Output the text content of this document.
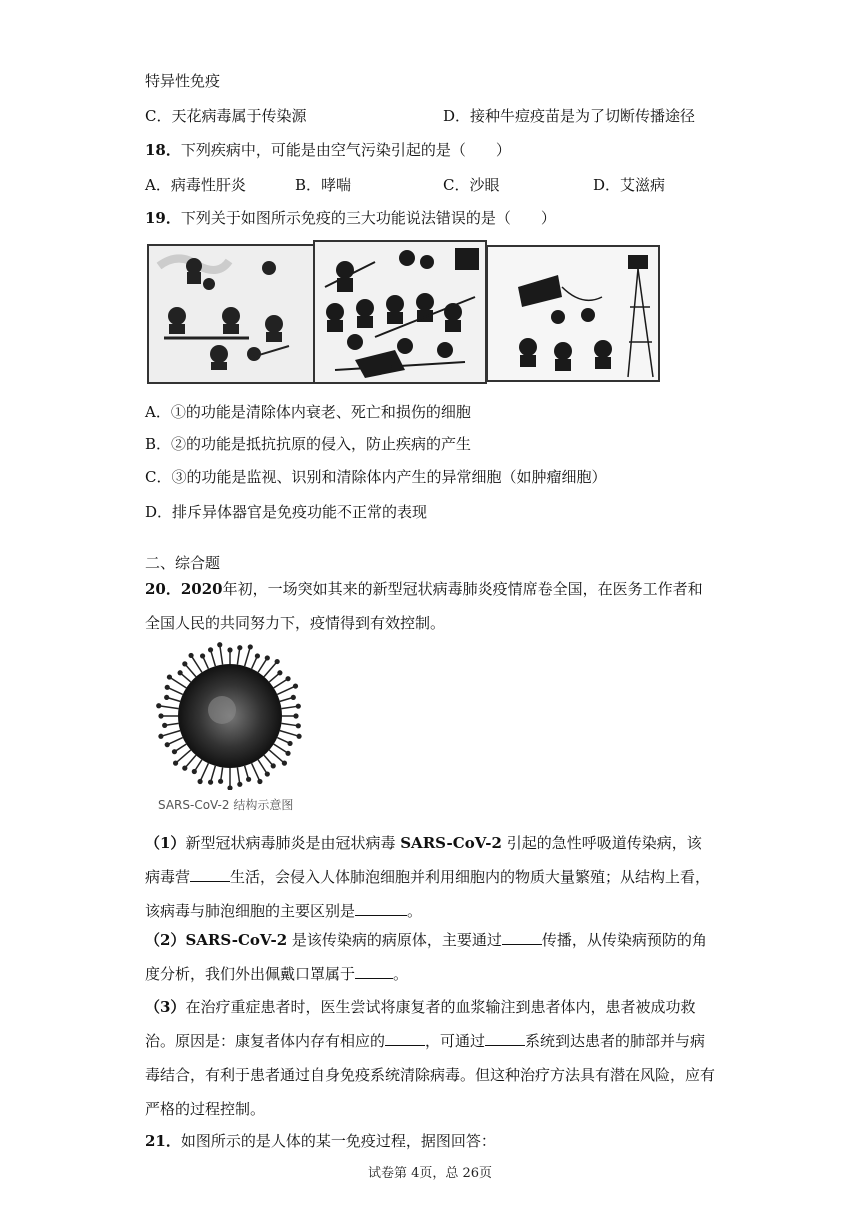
特异性免疫
C．天花病毒属于传染源	D．接种牛痘疫苗是为了切断传播途径
18．下列疾病中，可能是由空气污染引起的是（　　）
A．病毒性肝炎	B．哮喘	C．沙眼	D．艾滋病
19．下列关于如图所示免疫的三大功能说法错误的是（　　）
A．①的功能是清除体内衰老、死亡和损伤的细胞
B．②的功能是抵抗抗原的侵入，防止疾病的产生
C．③的功能是监视、识别和清除体内产生的异常细胞（如肿瘤细胞）
D．排斥异体器官是免疫功能不正常的表现
二、综合题
20．2020年初，一场突如其来的新型冠状病毒肺炎疫情席卷全国，在医务工作者和全国人民的共同努力下，疫情得到有效控制。
SARS-CoV-2 结构示意图
（1）新型冠状病毒肺炎是由冠状病毒 SARS-CoV-2 引起的急性呼吸道传染病，该病毒营	生活，会侵入人体肺泡细胞并利用细胞内的物质大量繁殖；从结构上看，该病毒与肺泡细胞的主要区别是	。
（2）SARS-CoV-2 是该传染病的病原体，主要通过	传播，从传染病预防的角度分析，我们外出佩戴口罩属于	。
（3）在治疗重症患者时，医生尝试将康复者的血浆输注到患者体内，患者被成功救治。原因是：康复者体内存有相应的	，可通过	系统到达患者的肺部并与病毒结合，有利于患者通过自身免疫系统清除病毒。但这种治疗方法具有潜在风险，应有严格的过程控制。
21．如图所示的是人体的某一免疫过程，据图回答：
试卷第 4页，总 26页
